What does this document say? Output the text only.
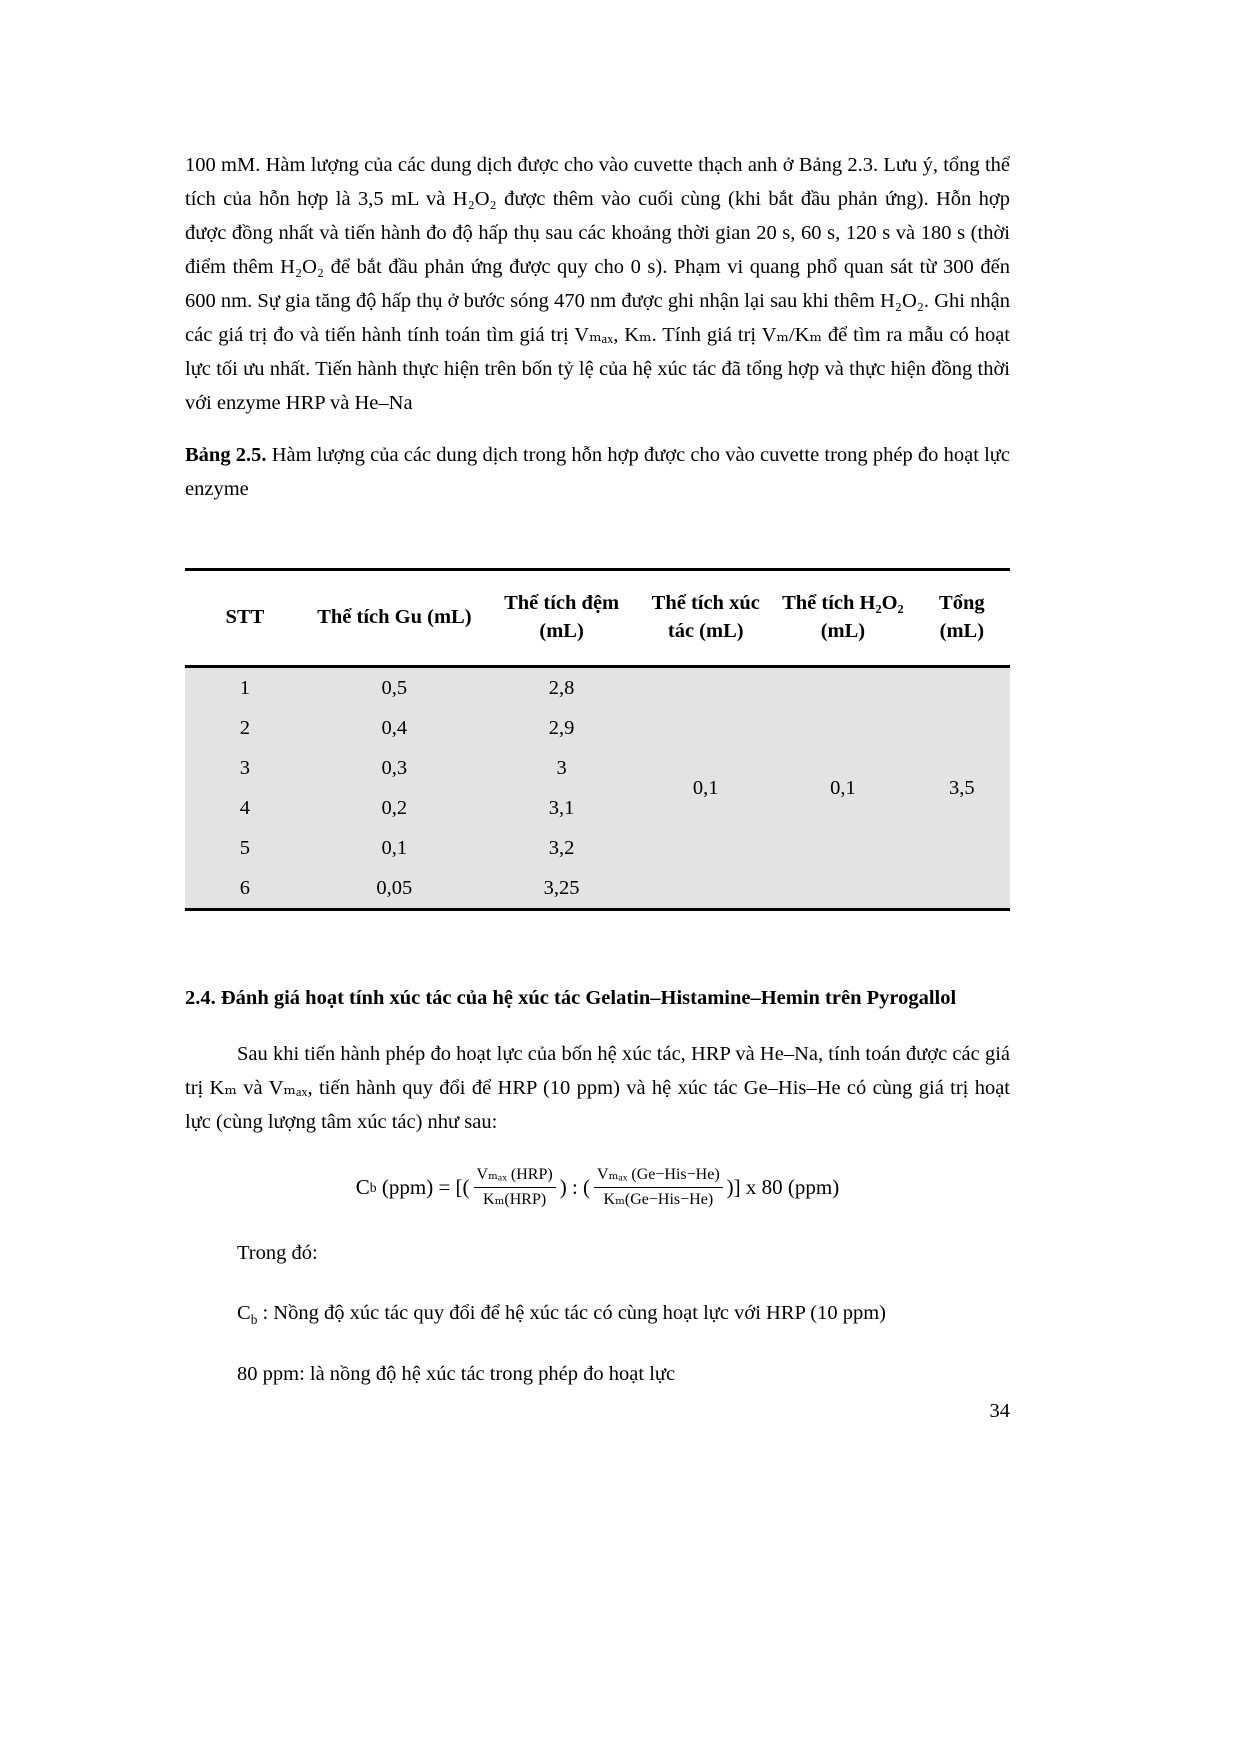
100 mM. Hàm lượng của các dung dịch được cho vào cuvette thạch anh ở Bảng 2.3. Lưu ý, tổng thể tích của hỗn hợp là 3,5 mL và H₂O₂ được thêm vào cuối cùng (khi bắt đầu phản ứng). Hỗn hợp được đồng nhất và tiến hành đo độ hấp thụ sau các khoảng thời gian 20 s, 60 s, 120 s và 180 s (thời điểm thêm H₂O₂ để bắt đầu phản ứng được quy cho 0 s). Phạm vi quang phổ quan sát từ 300 đến 600 nm. Sự gia tăng độ hấp thụ ở bước sóng 470 nm được ghi nhận lại sau khi thêm H₂O₂. Ghi nhận các giá trị đo và tiến hành tính toán tìm giá trị Vₘₐₓ, Kₘ. Tính giá trị Vₘ/Kₘ để tìm ra mẫu có hoạt lực tối ưu nhất. Tiến hành thực hiện trên bốn tỷ lệ của hệ xúc tác đã tổng hợp và thực hiện đồng thời với enzyme HRP và He–Na

Bảng 2.5. Hàm lượng của các dung dịch trong hỗn hợp được cho vào cuvette trong phép đo hoạt lực enzyme

STT	Thể tích Gu (mL)	Thể tích đệm (mL)	Thể tích xúc tác (mL)	Thể tích H₂O₂ (mL)	Tổng (mL)
1	0,5	2,8	0,1	0,1	3,5
2	0,4	2,9			
3	0,3	3			
4	0,2	3,1			
5	0,1	3,2			
6	0,05	3,25			

2.4. Đánh giá hoạt tính xúc tác của hệ xúc tác Gelatin–Histamine–Hemin trên Pyrogallol

Sau khi tiến hành phép đo hoạt lực của bốn hệ xúc tác, HRP và He–Na, tính toán được các giá trị Kₘ và Vₘₐₓ, tiến hành quy đổi để HRP (10 ppm) và hệ xúc tác Ge–His–He có cùng giá trị hoạt lực (cùng lượng tâm xúc tác) như sau:

C b (ppm) = [( $\frac{\text{Vₘₐₓ (HRP)}}{\text{Kₘ(HRP)}}$ ) : ( $\frac{\text{Vₘₐₓ (Ge−His−He)}}{\text{Kₘ(Ge−His−He)}}$ )] x 80 (ppm)

Trong đó:

$C_b$ : Nồng độ xúc tác quy đổi để hệ xúc tác có cùng hoạt lực với HRP (10 ppm)

80 ppm: là nồng độ hệ xúc tác trong phép đo hoạt lực

34
